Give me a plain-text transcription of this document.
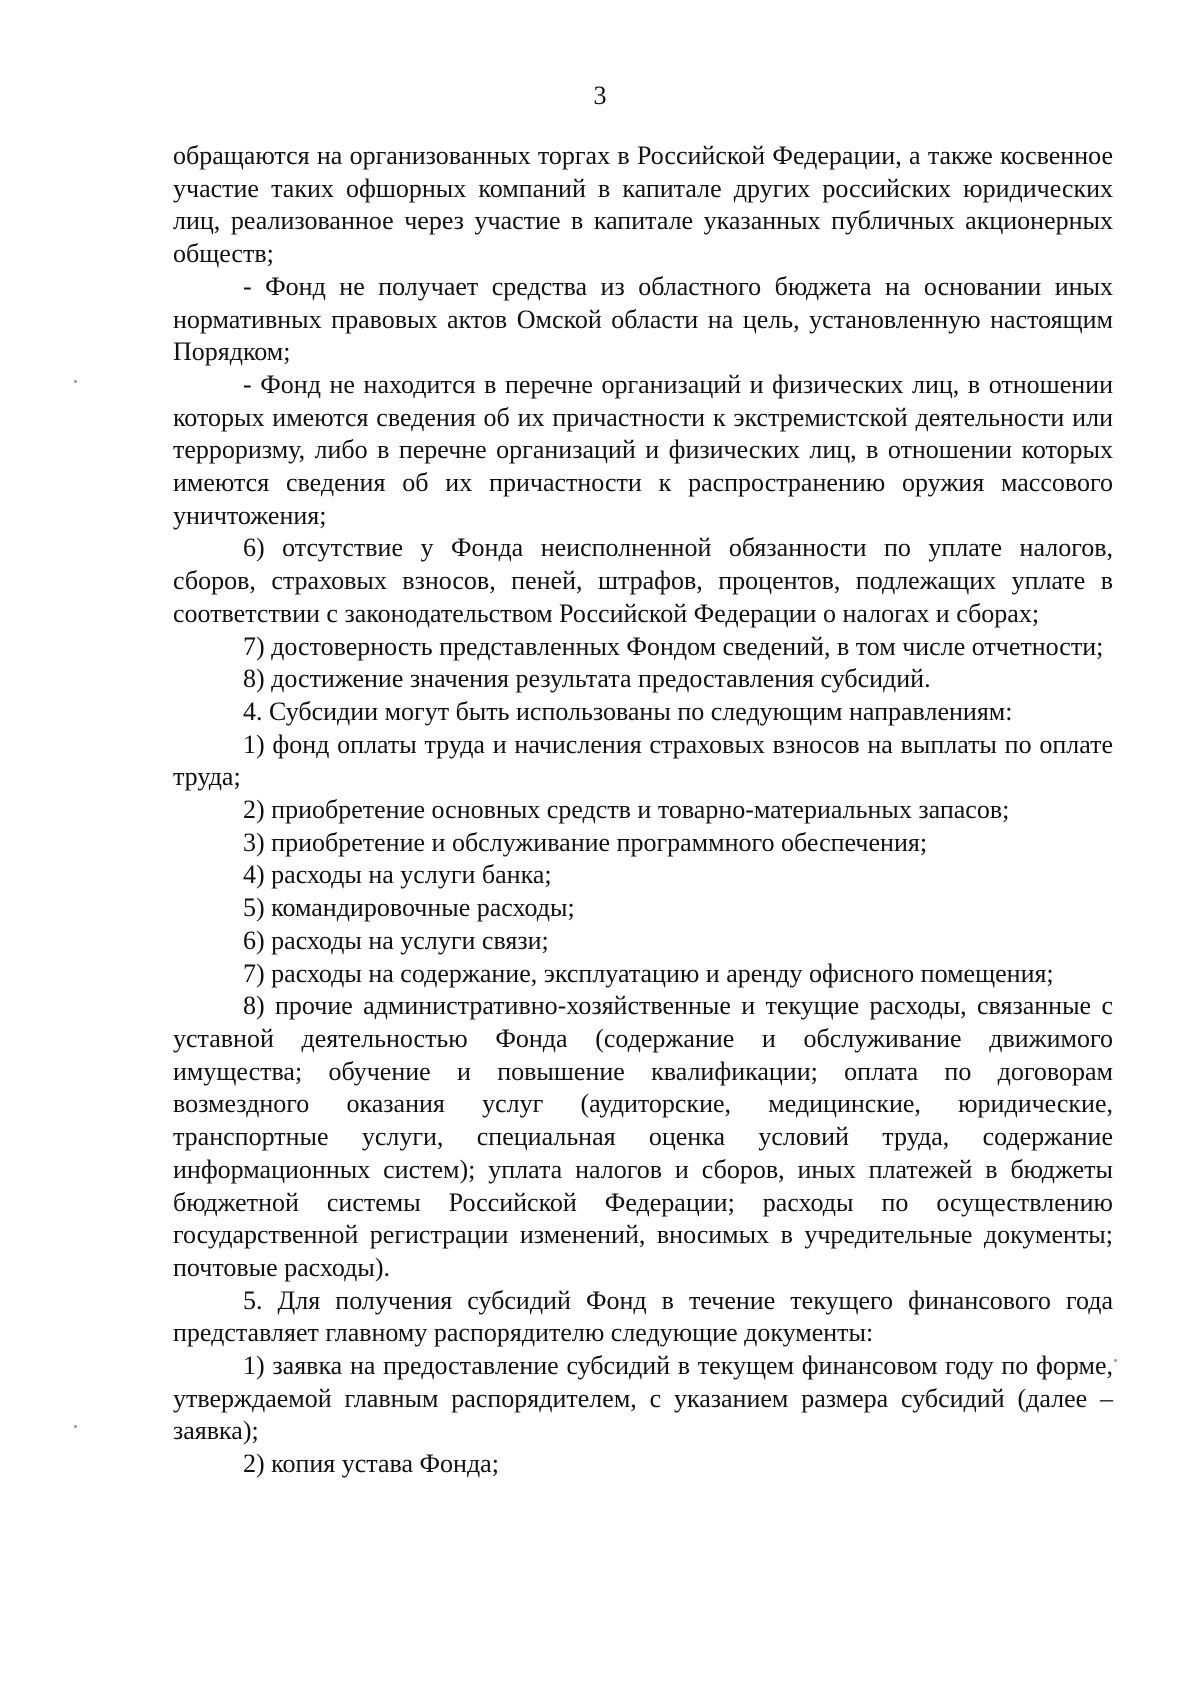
3

обращаются на организованных торгах в Российской Федерации, а также косвенное участие таких офшорных компаний в капитале других российских юридических лиц, реализованное через участие в капитале указанных публичных акционерных обществ;

- Фонд не получает средства из областного бюджета на основании иных нормативных правовых актов Омской области на цель, установленную настоящим Порядком;

- Фонд не находится в перечне организаций и физических лиц, в отношении которых имеются сведения об их причастности к экстремистской деятельности или терроризму, либо в перечне организаций и физических лиц, в отношении которых имеются сведения об их причастности к распространению оружия массового уничтожения;

6) отсутствие у Фонда неисполненной обязанности по уплате налогов, сборов, страховых взносов, пеней, штрафов, процентов, подлежащих уплате в соответствии с законодательством Российской Федерации о налогах и сборах;

7) достоверность представленных Фондом сведений, в том числе отчетности;

8) достижение значения результата предоставления субсидий.

4. Субсидии могут быть использованы по следующим направлениям:

1) фонд оплаты труда и начисления страховых взносов на выплаты по оплате труда;

2) приобретение основных средств и товарно-материальных запасов;

3) приобретение и обслуживание программного обеспечения;

4) расходы на услуги банка;

5) командировочные расходы;

6) расходы на услуги связи;

7) расходы на содержание, эксплуатацию и аренду офисного помещения;

8) прочие административно-хозяйственные и текущие расходы, связанные с уставной деятельностью Фонда (содержание и обслуживание движимого имущества; обучение и повышение квалификации; оплата по договорам возмездного оказания услуг (аудиторские, медицинские, юридические, транспортные услуги, специальная оценка условий труда, содержание информационных систем); уплата налогов и сборов, иных платежей в бюджеты бюджетной системы Российской Федерации; расходы по осуществлению государственной регистрации изменений, вносимых в учредительные документы; почтовые расходы).

5. Для получения субсидий Фонд в течение текущего финансового года представляет главному распорядителю следующие документы:

1) заявка на предоставление субсидий в текущем финансовом году по форме, утверждаемой главным распорядителем, с указанием размера субсидий (далее – заявка);

2) копия устава Фонда;
